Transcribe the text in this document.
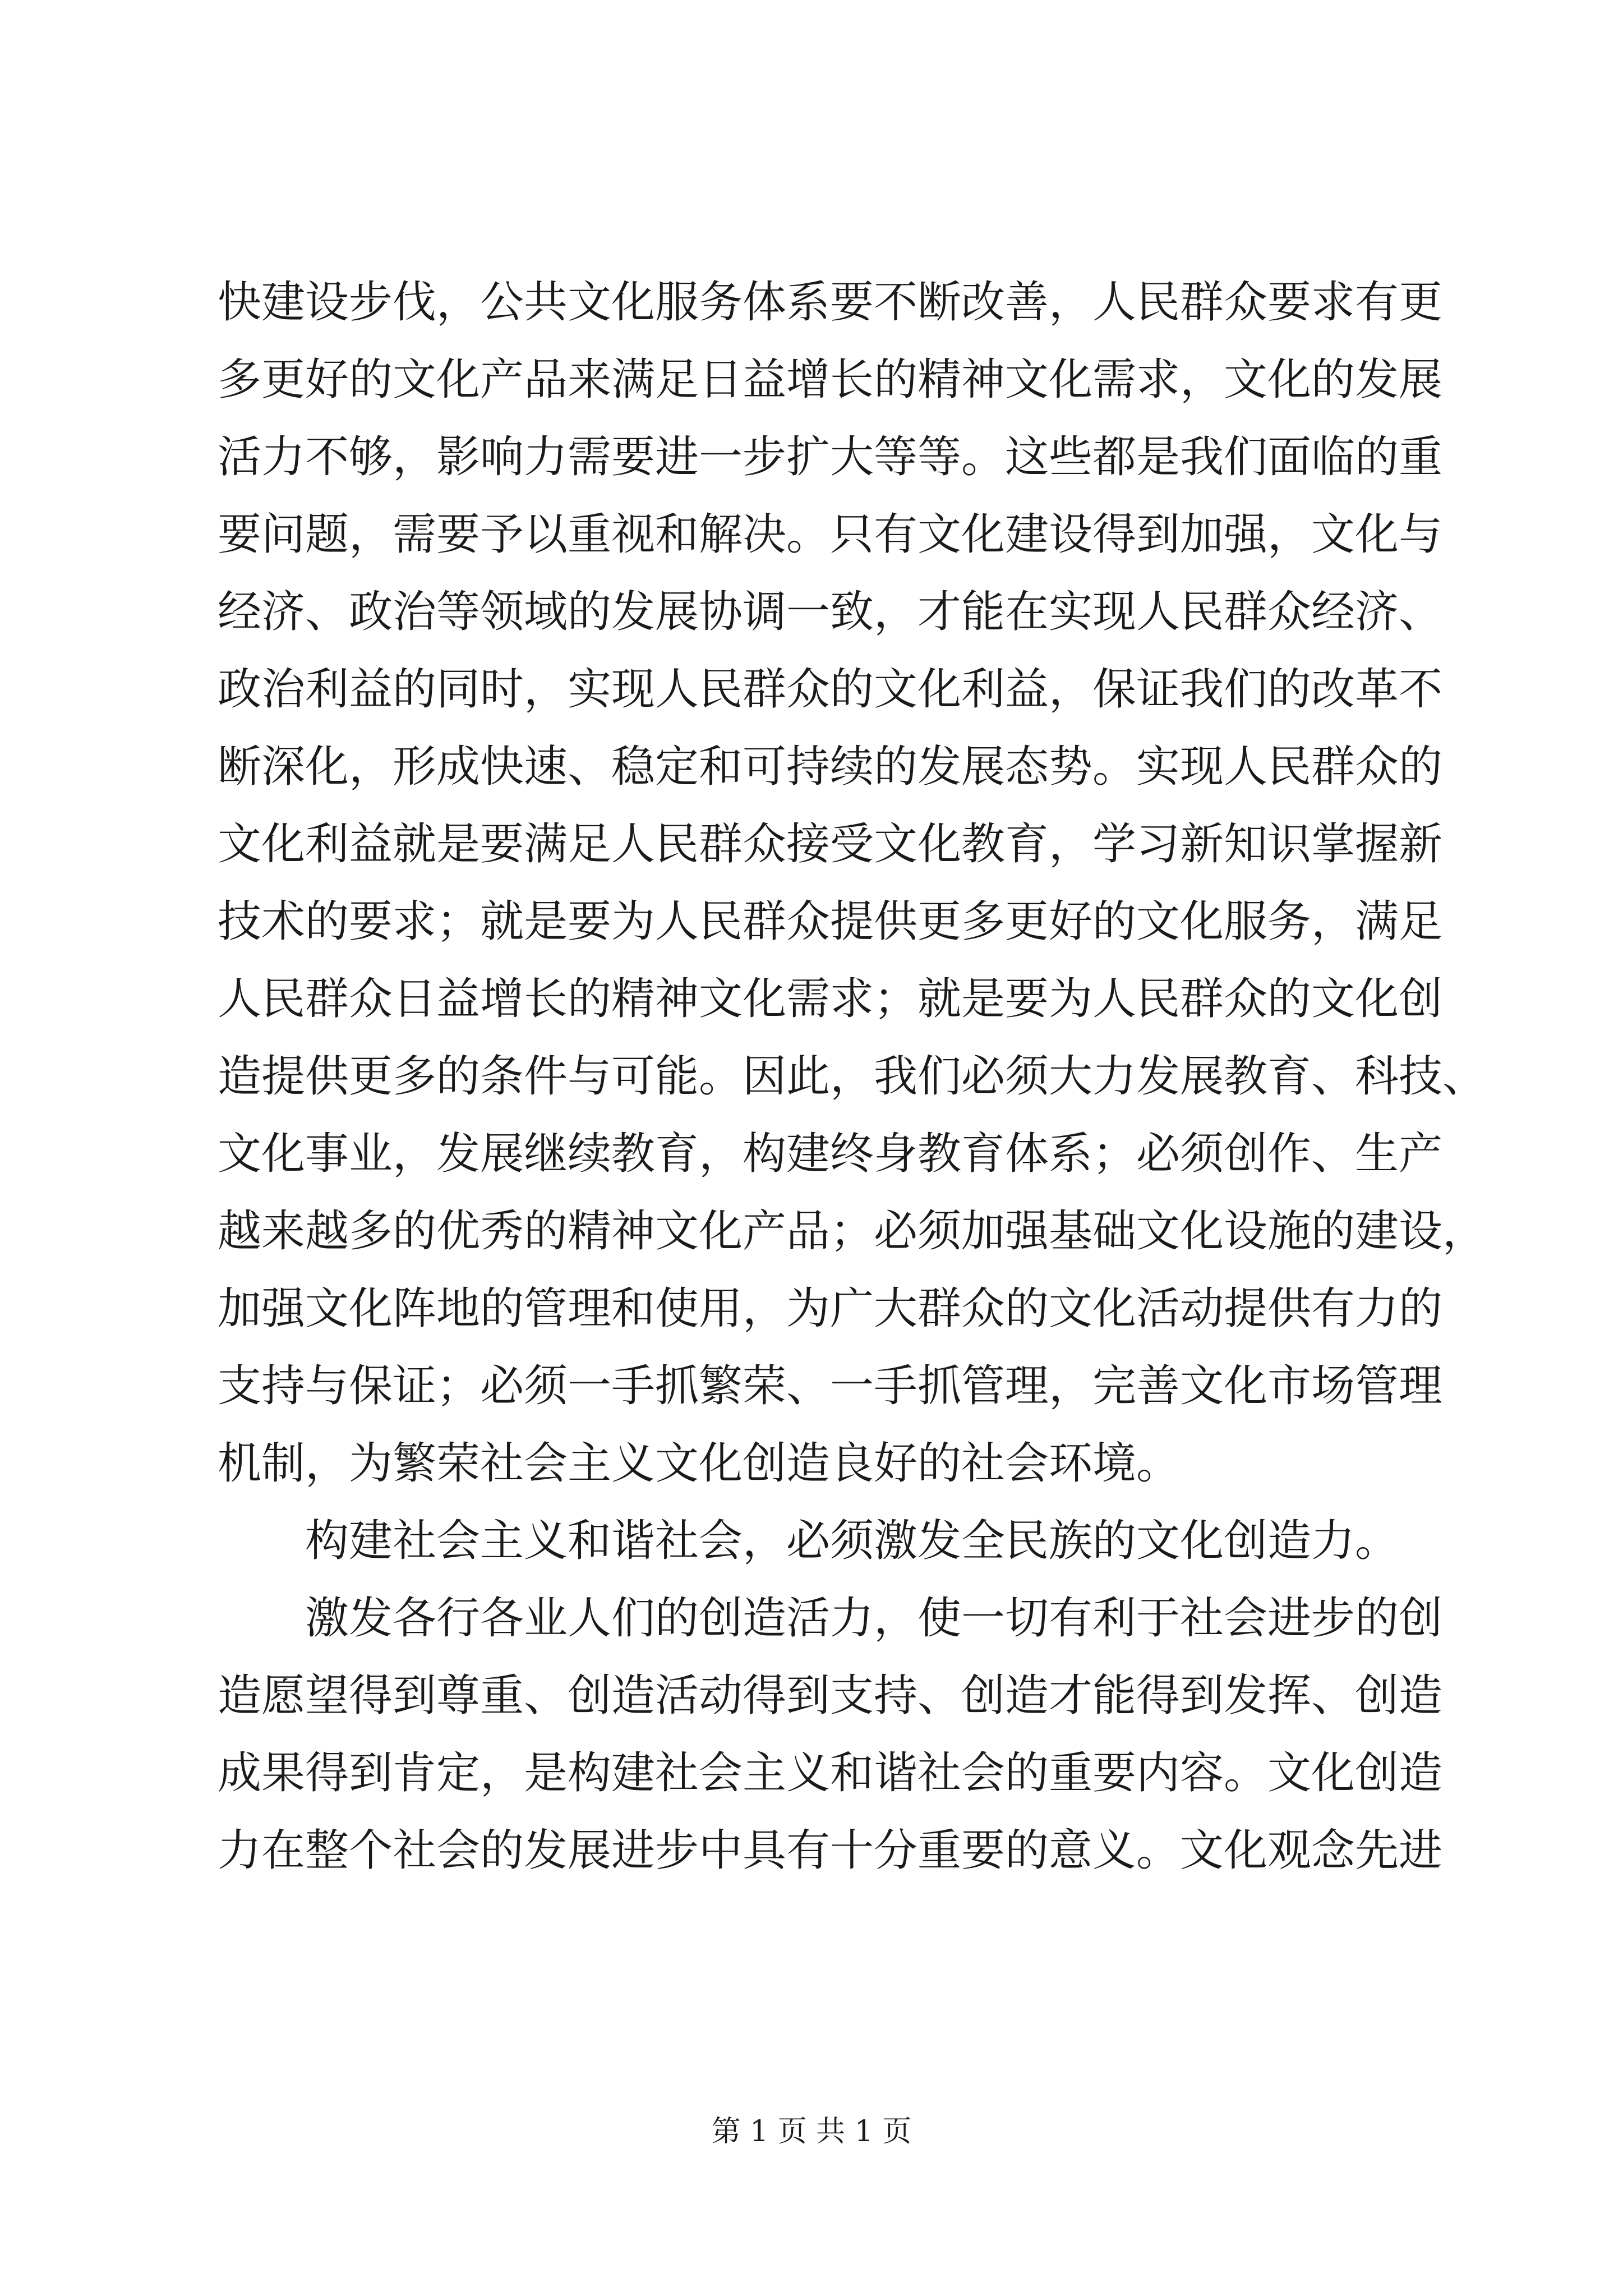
快建设步伐，公共文化服务体系要不断改善，人民群众要求有更
多更好的文化产品来满足日益增长的精神文化需求，文化的发展
活力不够，影响力需要进一步扩大等等。这些都是我们面临的重
要问题，需要予以重视和解决。只有文化建设得到加强，文化与
经济、政治等领域的发展协调一致，才能在实现人民群众经济、
政治利益的同时，实现人民群众的文化利益，保证我们的改革不
断深化，形成快速、稳定和可持续的发展态势。实现人民群众的
文化利益就是要满足人民群众接受文化教育，学习新知识掌握新
技术的要求；就是要为人民群众提供更多更好的文化服务，满足
人民群众日益增长的精神文化需求；就是要为人民群众的文化创
造提供更多的条件与可能。因此，我们必须大力发展教育、科技、
文化事业，发展继续教育，构建终身教育体系；必须创作、生产
越来越多的优秀的精神文化产品；必须加强基础文化设施的建设，
加强文化阵地的管理和使用，为广大群众的文化活动提供有力的
支持与保证；必须一手抓繁荣、一手抓管理，完善文化市场管理
机制，为繁荣社会主义文化创造良好的社会环境。
构建社会主义和谐社会，必须激发全民族的文化创造力。
激发各行各业人们的创造活力，使一切有利于社会进步的创
造愿望得到尊重、创造活动得到支持、创造才能得到发挥、创造
成果得到肯定，是构建社会主义和谐社会的重要内容。文化创造
力在整个社会的发展进步中具有十分重要的意义。文化观念先进
第 1 页 共 1 页
